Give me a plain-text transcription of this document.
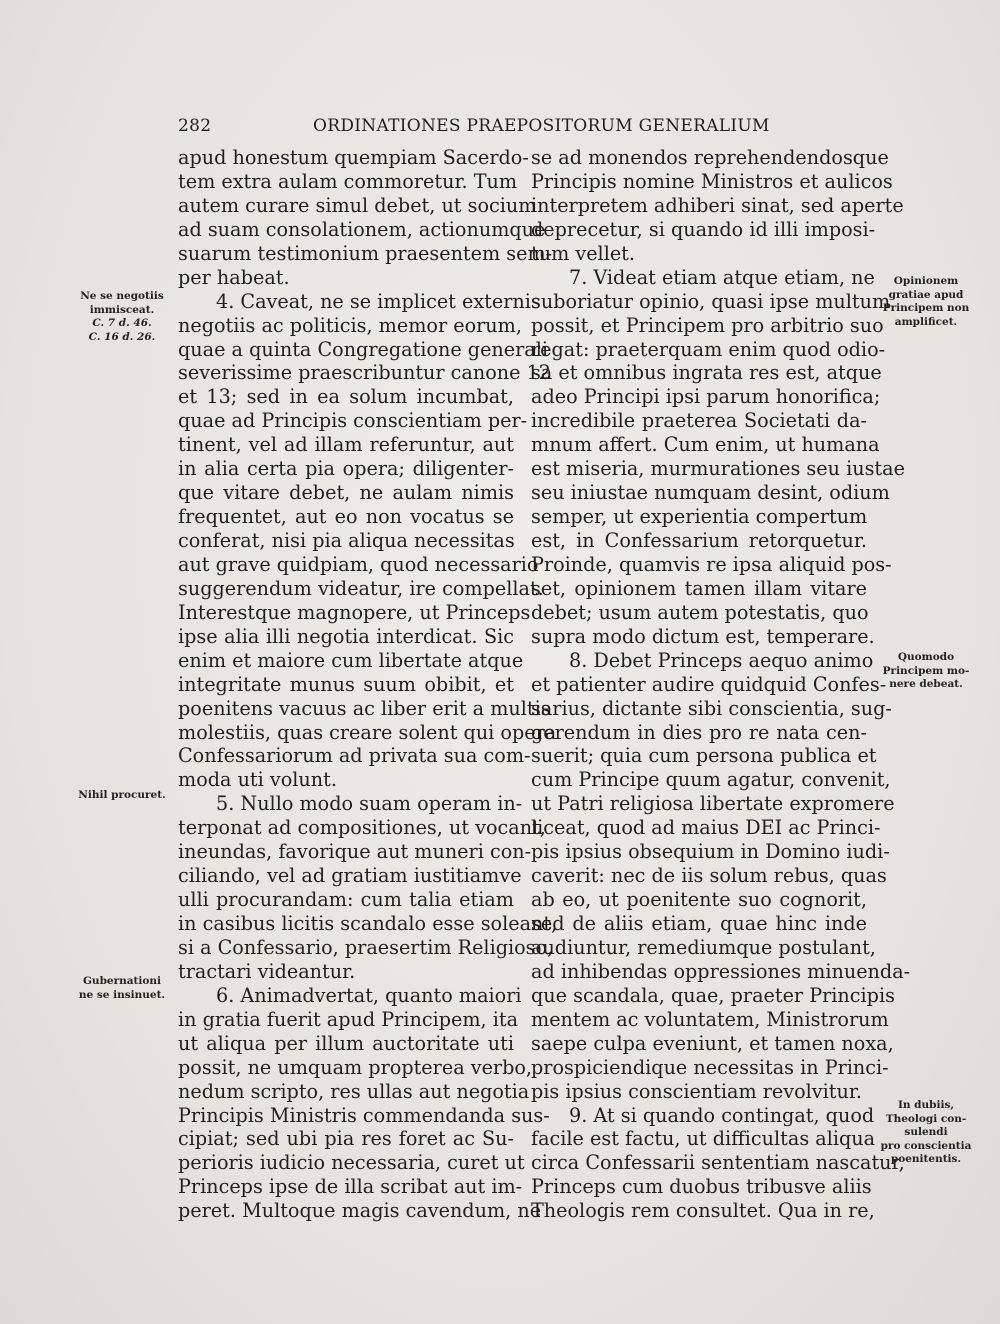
282	ORDINATIONES PRAEPOSITORUM GENERALIUM
apud honestum quempiam Sacerdo-
tem extra aulam commoretur. Tum
autem curare simul debet, ut socium
ad suam consolationem, actionumque
suarum testimonium praesentem sem-
per habeat.
4. Caveat, ne se implicet externis
negotiis ac politicis, memor eorum,
quae a quinta Congregatione generali
severissime praescribuntur canone 12
et 13; sed in ea solum incumbat,
quae ad Principis conscientiam per-
tinent, vel ad illam referuntur, aut
in alia certa pia opera; diligenter-
que vitare debet, ne aulam nimis
frequentet, aut eo non vocatus se
conferat, nisi pia aliqua necessitas
aut grave quidpiam, quod necessario
suggerendum videatur, ire compellat.
Interestque magnopere, ut Princeps
ipse alia illi negotia interdicat. Sic
enim et maiore cum libertate atque
integritate munus suum obibit, et
poenitens vacuus ac liber erit a multis
molestiis, quas creare solent qui opera
Confessariorum ad privata sua com-
moda uti volunt.
5. Nullo modo suam operam in-
terponat ad compositiones, ut vocant,
ineundas, favorique aut muneri con-
ciliando, vel ad gratiam iustitiamve
ulli procurandam: cum talia etiam
in casibus licitis scandalo esse soleant,
si a Confessario, praesertim Religioso,
tractari videantur.
6. Animadvertat, quanto maiori
in gratia fuerit apud Principem, ita
ut aliqua per illum auctoritate uti
possit, ne umquam propterea verbo,
nedum scripto, res ullas aut negotia
Principis Ministris commendanda sus-
cipiat; sed ubi pia res foret ac Su-
perioris iudicio necessaria, curet ut
Princeps ipse de illa scribat aut im-
peret. Multoque magis cavendum, ne
se ad monendos reprehendendosque
Principis nomine Ministros et aulicos
interpretem adhiberi sinat, sed aperte
deprecetur, si quando id illi imposi-
tum vellet.
7. Videat etiam atque etiam, ne
suboriatur opinio, quasi ipse multum
possit, et Principem pro arbitrio suo
regat: praeterquam enim quod odio-
sa et omnibus ingrata res est, atque
adeo Principi ipsi parum honorifica;
incredibile praeterea Societati da-
mnum affert. Cum enim, ut humana
est miseria, murmurationes seu iustae
seu iniustae numquam desint, odium
semper, ut experientia compertum
est, in Confessarium retorquetur.
Proinde, quamvis re ipsa aliquid pos-
set, opinionem tamen illam vitare
debet; usum autem potestatis, quo
supra modo dictum est, temperare.
8. Debet Princeps aequo animo
et patienter audire quidquid Confes-
sarius, dictante sibi conscientia, sug-
gerendum in dies pro re nata cen-
suerit; quia cum persona publica et
cum Principe quum agatur, convenit,
ut Patri religiosa libertate expromere
liceat, quod ad maius DEI ac Princi-
pis ipsius obsequium in Domino iudi-
caverit: nec de iis solum rebus, quas
ab eo, ut poenitente suo cognorit,
sed de aliis etiam, quae hinc inde
audiuntur, remediumque postulant,
ad inhibendas oppressiones minuenda-
que scandala, quae, praeter Principis
mentem ac voluntatem, Ministrorum
saepe culpa eveniunt, et tamen noxa,
prospiciendique necessitas in Princi-
pis ipsius conscientiam revolvitur.
9. At si quando contingat, quod
facile est factu, ut difficultas aliqua
circa Confessarii sententiam nascatur,
Princeps cum duobus tribusve aliis
Theologis rem consultet. Qua in re,
Ne se negotiis
immisceat.
C. 7 d. 46.
C. 16 d. 26.
Nihil procuret.
Gubernationi
ne se insinuet.
Opinionem
gratiae apud
Principem non
amplificet.
Quomodo
Principem mo-
nere debeat.
In dubiis,
Theologi con-
sulendi
pro conscientia
poenitentis.
